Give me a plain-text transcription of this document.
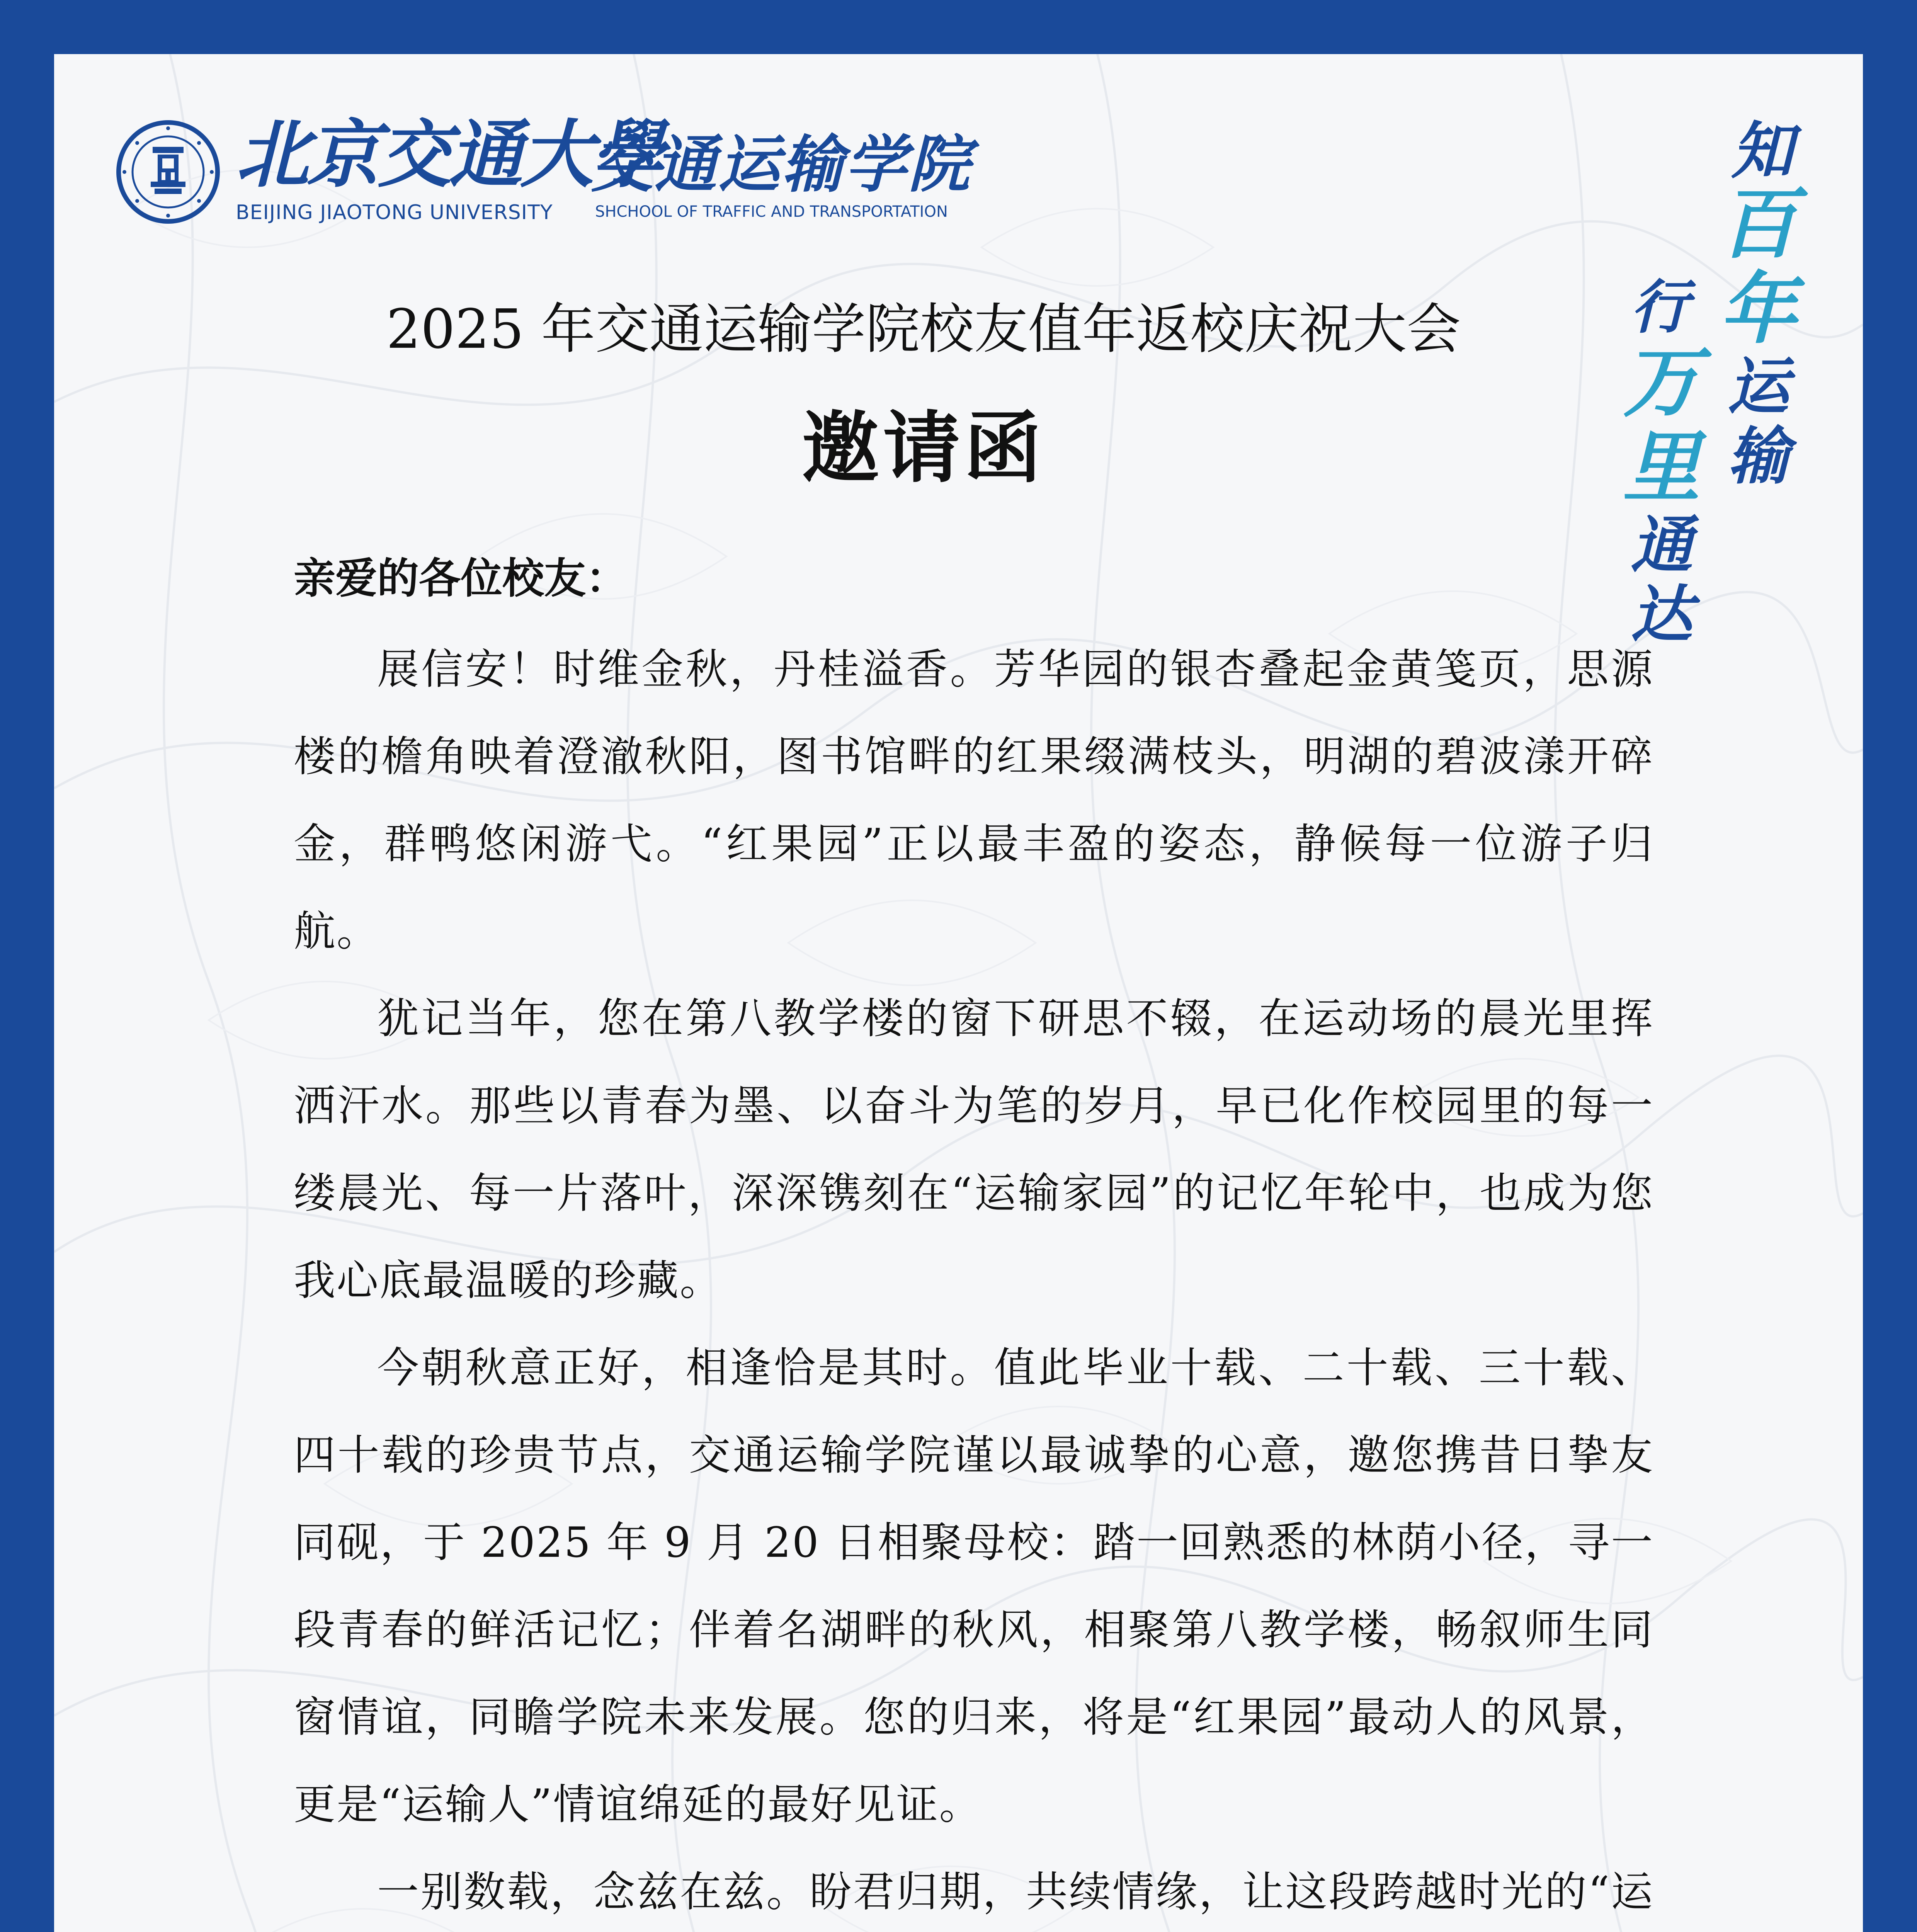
北京交通大學
BEIJING JIAOTONG UNIVERSITY
交通运输学院
SHCHOOL OF TRAFFIC AND TRANSPORTATION
知
百
年
运
输
行
万
里
通
达
2025 年交通运输学院校友值年返校庆祝大会
邀请函
亲爱的各位校友：

展信安！时维金秋，丹桂溢香。芳华园的银杏叠起金黄笺页，思源楼的檐角映着澄澈秋阳，图书馆畔的红果缀满枝头，明湖的碧波漾开碎金，群鸭悠闲游弋。“红果园”正以最丰盈的姿态，静候每一位游子归航。

犹记当年，您在第八教学楼的窗下研思不辍，在运动场的晨光里挥洒汗水。那些以青春为墨、以奋斗为笔的岁月，早已化作校园里的每一缕晨光、每一片落叶，深深镌刻在“运输家园”的记忆年轮中，也成为您我心底最温暖的珍藏。

今朝秋意正好，相逢恰是其时。值此毕业十载、二十载、三十载、四十载的珍贵节点，交通运输学院谨以最诚挚的心意，邀您携昔日挚友同砚，于 2025 年 9 月 20 日相聚母校：踏一回熟悉的林荫小径，寻一段青春的鲜活记忆；伴着名湖畔的秋风，相聚第八教学楼，畅叙师生同窗情谊，同瞻学院未来发展。您的归来，将是“红果园”最动人的风景，更是“运输人”情谊绵延的最好见证。

一别数载，念兹在兹。盼君归期，共续情缘，让这段跨越时光的“运
